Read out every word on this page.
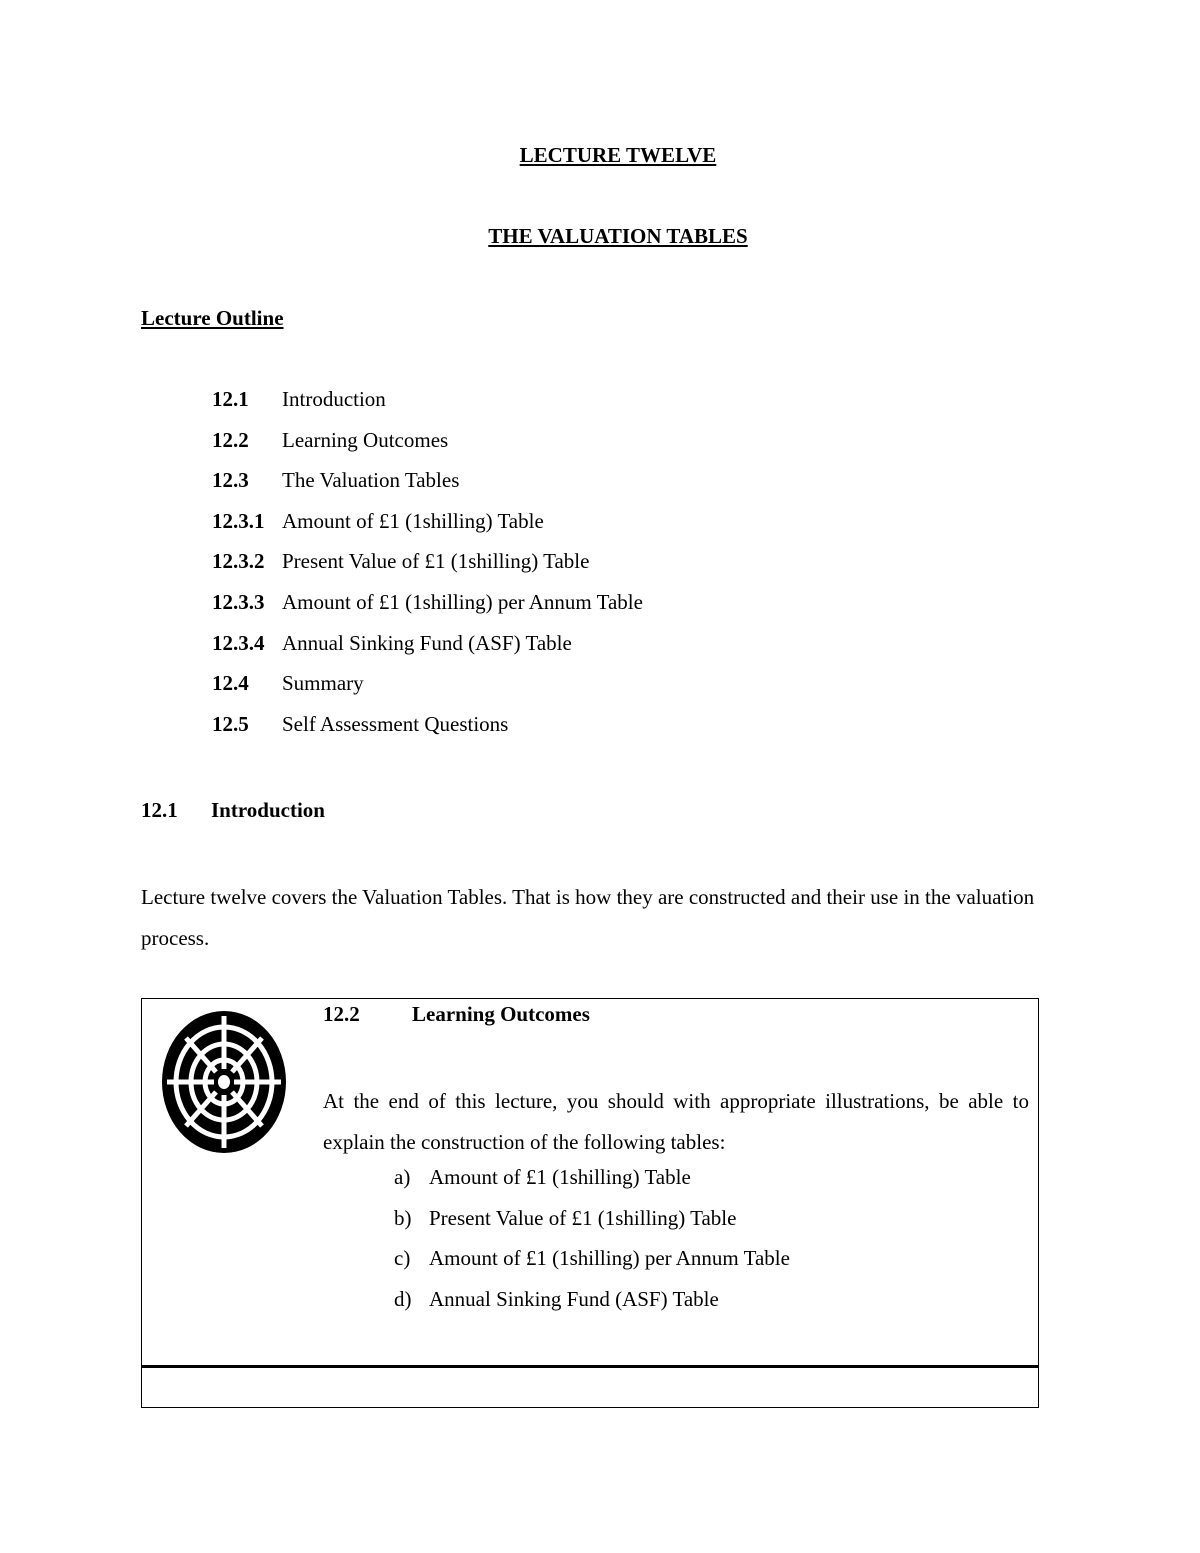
LECTURE TWELVE
THE VALUATION TABLES
Lecture Outline
12.1 Introduction
12.2 Learning Outcomes
12.3 The Valuation Tables
12.3.1 Amount of £1 (1shilling) Table
12.3.2 Present Value of £1 (1shilling) Table
12.3.3 Amount of £1 (1shilling) per Annum Table
12.3.4 Annual Sinking Fund (ASF) Table
12.4 Summary
12.5 Self Assessment Questions
12.1 Introduction

Lecture twelve covers the Valuation Tables. That is how they are constructed and their use in the valuation process.

12.2 Learning Outcomes

At the end of this lecture, you should with appropriate illustrations, be able to explain the construction of the following tables:

a) Amount of £1 (1shilling) Table
b) Present Value of £1 (1shilling) Table
c) Amount of £1 (1shilling) per Annum Table
d) Annual Sinking Fund (ASF) Table
